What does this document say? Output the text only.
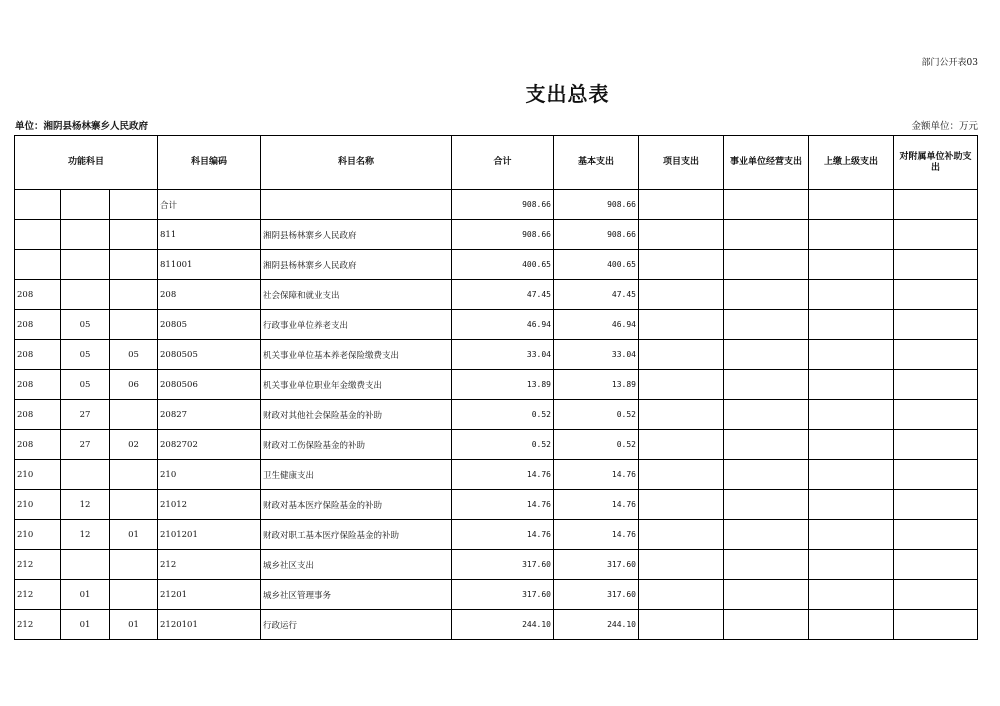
部门公开表03
支出总表
单位：湘阴县杨林寨乡人民政府	金额单位：万元
功能科目			科目编码	科目名称	合计	基本支出	项目支出	事业单位经营支出	上缴上级支出	对附属单位补助支出
			合计		908.66	908.66				
			811	湘阴县杨林寨乡人民政府	908.66	908.66				
			811001	湘阴县杨林寨乡人民政府	400.65	400.65				
208			208	社会保障和就业支出	47.45	47.45				
208	05		20805	行政事业单位养老支出	46.94	46.94				
208	05	05	2080505	机关事业单位基本养老保险缴费支出	33.04	33.04				
208	05	06	2080506	机关事业单位职业年金缴费支出	13.89	13.89				
208	27		20827	财政对其他社会保险基金的补助	0.52	0.52				
208	27	02	2082702	财政对工伤保险基金的补助	0.52	0.52				
210			210	卫生健康支出	14.76	14.76				
210	12		21012	财政对基本医疗保险基金的补助	14.76	14.76				
210	12	01	2101201	财政对职工基本医疗保险基金的补助	14.76	14.76				
212			212	城乡社区支出	317.60	317.60				
212	01		21201	城乡社区管理事务	317.60	317.60				
212	01	01	2120101	行政运行	244.10	244.10				
